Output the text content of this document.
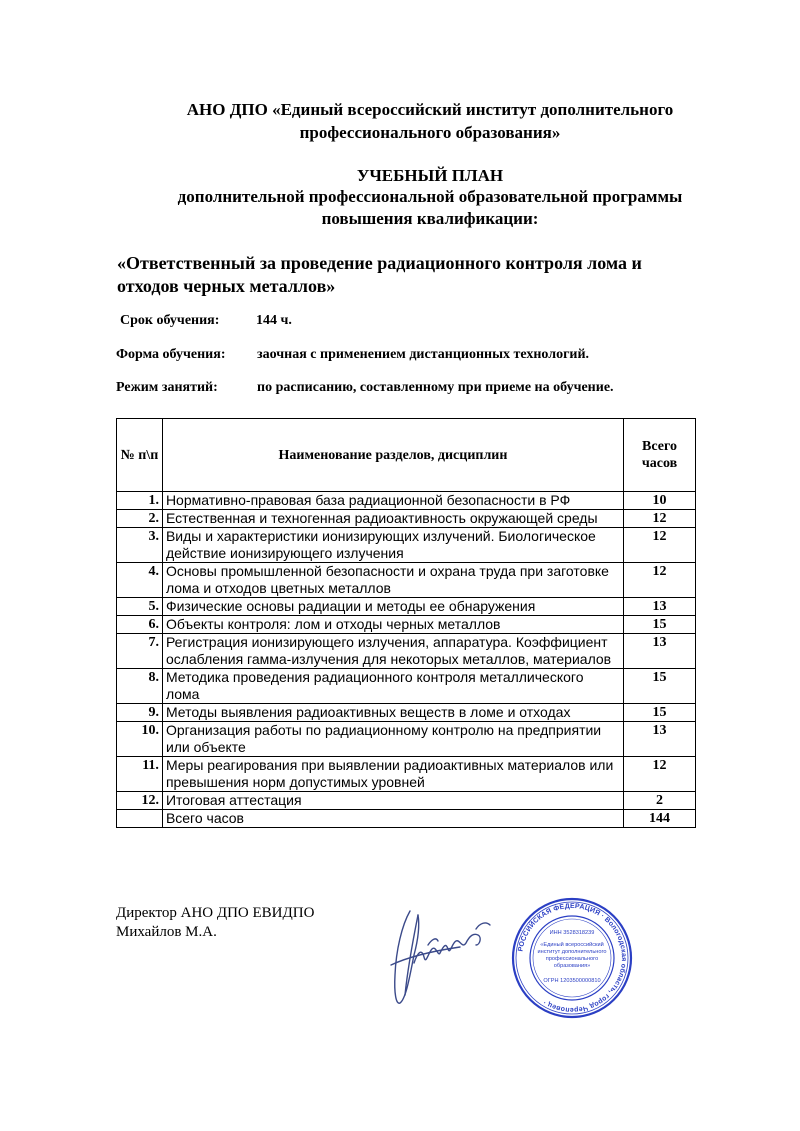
АНО ДПО «Единый всероссийский институт дополнительного
профессионального образования»
УЧЕБНЫЙ ПЛАН
дополнительной профессиональной образовательной программы
повышения квалификации:
«Ответственный за проведение радиационного контроля лома и
отходов черных металлов»
Срок обучения:	144 ч.
Форма обучения: заочная с применением дистанционных технологий.
Режим занятий:	по расписанию, составленному при приеме на обучение.
№ п\п	Наименование разделов, дисциплин	Всего
часов

1.	Нормативно-правовая база радиационной безопасности в РФ	10
2.	Естественная и техногенная радиоактивность окружающей среды	12
3.	Виды и характеристики ионизирующих излучений. Биологическое действие ионизирующего излучения	12
4.	Основы промышленной безопасности и охрана труда при заготовке лома и отходов цветных металлов	12
5.	Физические основы радиации и методы ее обнаружения	13
6.	Объекты контроля: лом и отходы черных металлов	15
7.	Регистрация ионизирующего излучения, аппаратура. Коэффициент ослабления гамма-излучения для некоторых металлов, материалов	13
8.	Методика проведения радиационного контроля металлического лома	15
9.	Методы выявления радиоактивных веществ в ломе и отходах	15
10.	Организация работы по радиационному контролю на предприятии или объекте	13
11.	Меры реагирования при выявлении радиоактивных материалов или превышения норм допустимых уровней	12
12.	Итоговая аттестация	2
	Всего часов	144
Директор АНО ДПО ЕВИДПО
Михайлов М.А.
РОССИЙСКАЯ ФЕДЕРАЦИЯ · Вологодская область, город Череповец ·
ИНН 3528318239
«Единый всероссийский
институт дополнительного
профессионального
образования»
ОГРН 1203500000810
